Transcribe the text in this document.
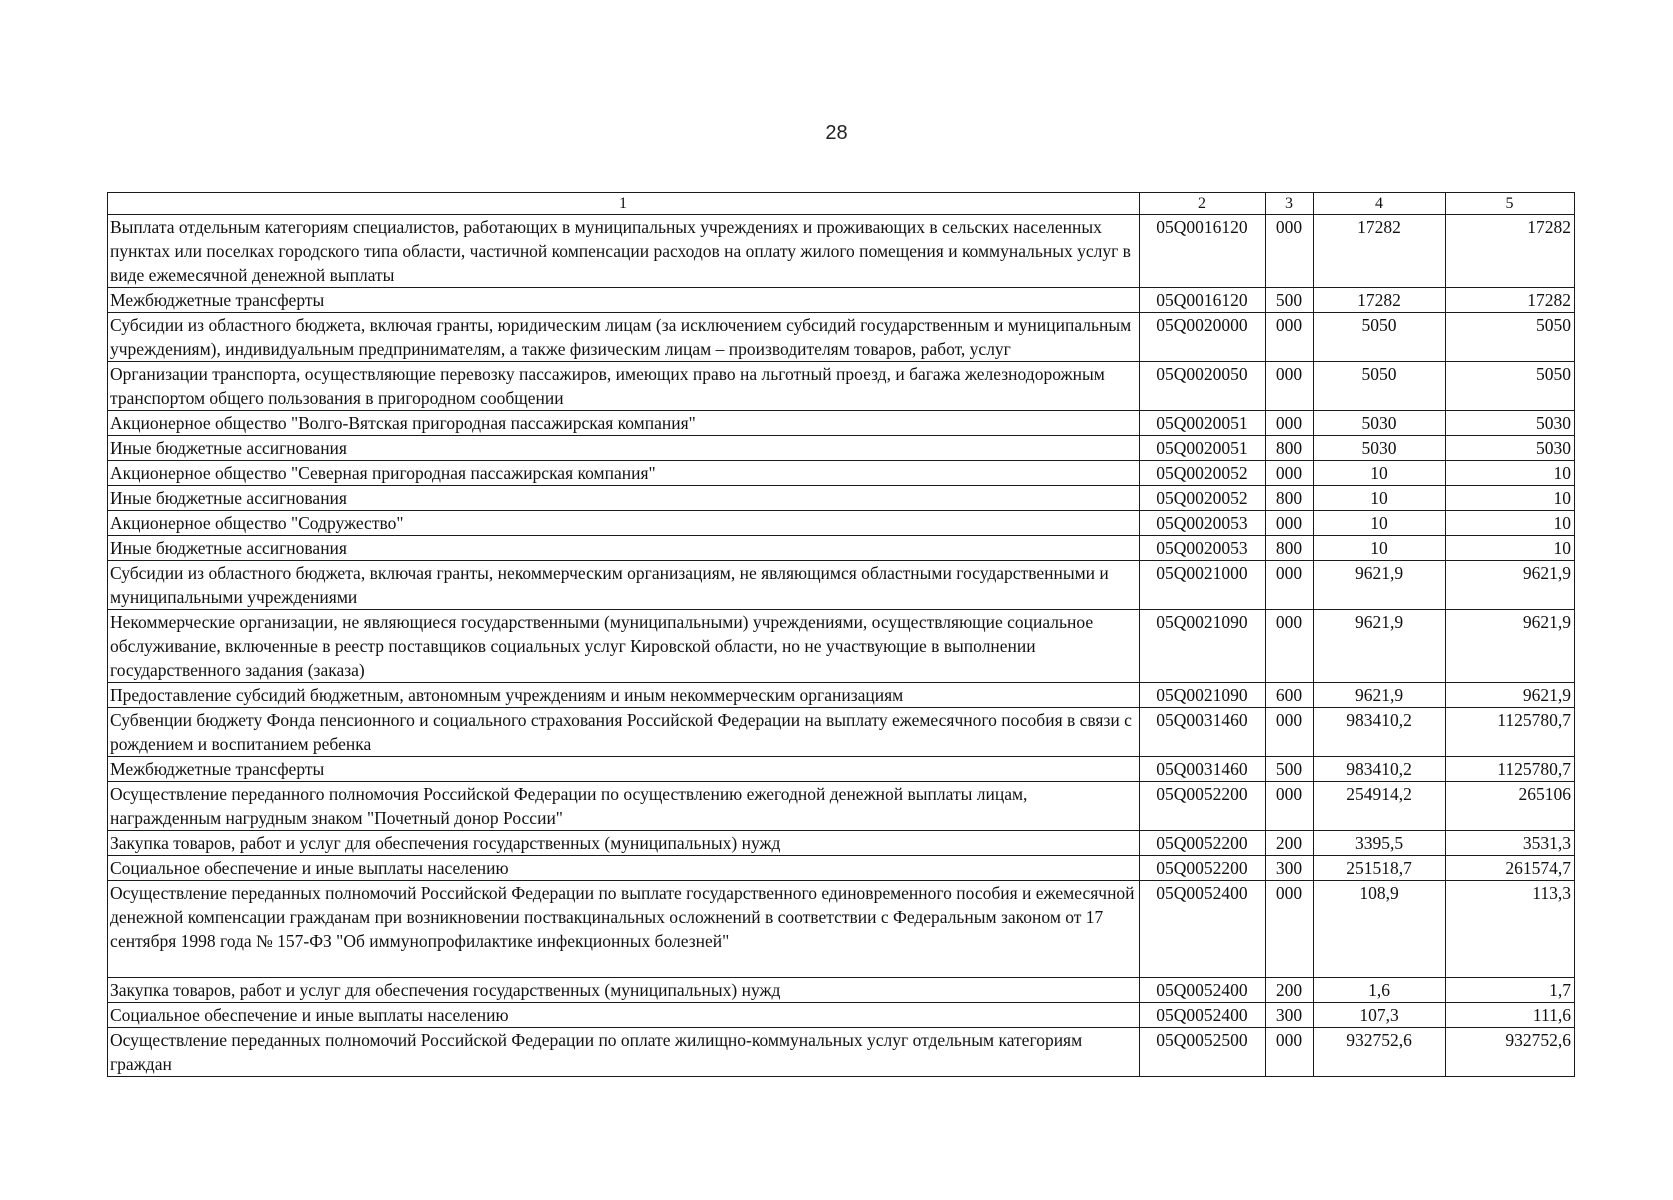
28
1	2	3	4	5
Выплата отдельным категориям специалистов, работающих в муниципальных учреждениях и проживающих в сельских населенных пунктах или поселках городского типа области, частичной компенсации расходов на оплату жилого помещения и коммунальных услуг в виде ежемесячной денежной выплаты	05Q0016120	000	17282	17282
Межбюджетные трансферты	05Q0016120	500	17282	17282
Субсидии из областного бюджета, включая гранты, юридическим лицам (за исключением субсидий государственным и муниципальным учреждениям), индивидуальным предпринимателям, а также физическим лицам – производителям товаров, работ, услуг	05Q0020000	000	5050	5050
Организации транспорта, осуществляющие перевозку пассажиров, имеющих право на льготный проезд, и багажа железнодорожным транспортом общего пользования в пригородном сообщении	05Q0020050	000	5050	5050
Акционерное общество "Волго-Вятская пригородная пассажирская компания"	05Q0020051	000	5030	5030
Иные бюджетные ассигнования	05Q0020051	800	5030	5030
Акционерное общество "Северная пригородная пассажирская компания"	05Q0020052	000	10	10
Иные бюджетные ассигнования	05Q0020052	800	10	10
Акционерное общество "Содружество"	05Q0020053	000	10	10
Иные бюджетные ассигнования	05Q0020053	800	10	10
Субсидии из областного бюджета, включая гранты, некоммерческим организациям, не являющимся областными государственными и муниципальными учреждениями	05Q0021000	000	9621,9	9621,9
Некоммерческие организации, не являющиеся государственными (муниципальными) учреждениями, осуществляющие социальное обслуживание, включенные в реестр поставщиков социальных услуг Кировской области, но не участвующие в выполнении государственного задания (заказа)	05Q0021090	000	9621,9	9621,9
Предоставление субсидий бюджетным, автономным учреждениям и иным некоммерческим организациям	05Q0021090	600	9621,9	9621,9
Субвенции бюджету Фонда пенсионного и социального страхования Российской Федерации на выплату ежемесячного пособия в связи с рождением и воспитанием ребенка	05Q0031460	000	983410,2	1125780,7
Межбюджетные трансферты	05Q0031460	500	983410,2	1125780,7
Осуществление переданного полномочия Российской Федерации по осуществлению ежегодной денежной выплаты лицам, награжденным нагрудным знаком "Почетный донор России"	05Q0052200	000	254914,2	265106
Закупка товаров, работ и услуг для обеспечения государственных (муниципальных) нужд	05Q0052200	200	3395,5	3531,3
Социальное обеспечение и иные выплаты населению	05Q0052200	300	251518,7	261574,7
Осуществление переданных полномочий Российской Федерации по выплате государственного единовременного пособия и ежемесячной денежной компенсации гражданам при возникновении поствакцинальных осложнений в соответствии с Федеральным законом от 17 сентября 1998 года № 157-ФЗ "Об иммунопрофилактике инфекционных болезней"	05Q0052400	000	108,9	113,3
Закупка товаров, работ и услуг для обеспечения государственных (муниципальных) нужд	05Q0052400	200	1,6	1,7
Социальное обеспечение и иные выплаты населению	05Q0052400	300	107,3	111,6
Осуществление переданных полномочий Российской Федерации по оплате жилищно-коммунальных услуг отдельным категориям граждан	05Q0052500	000	932752,6	932752,6
